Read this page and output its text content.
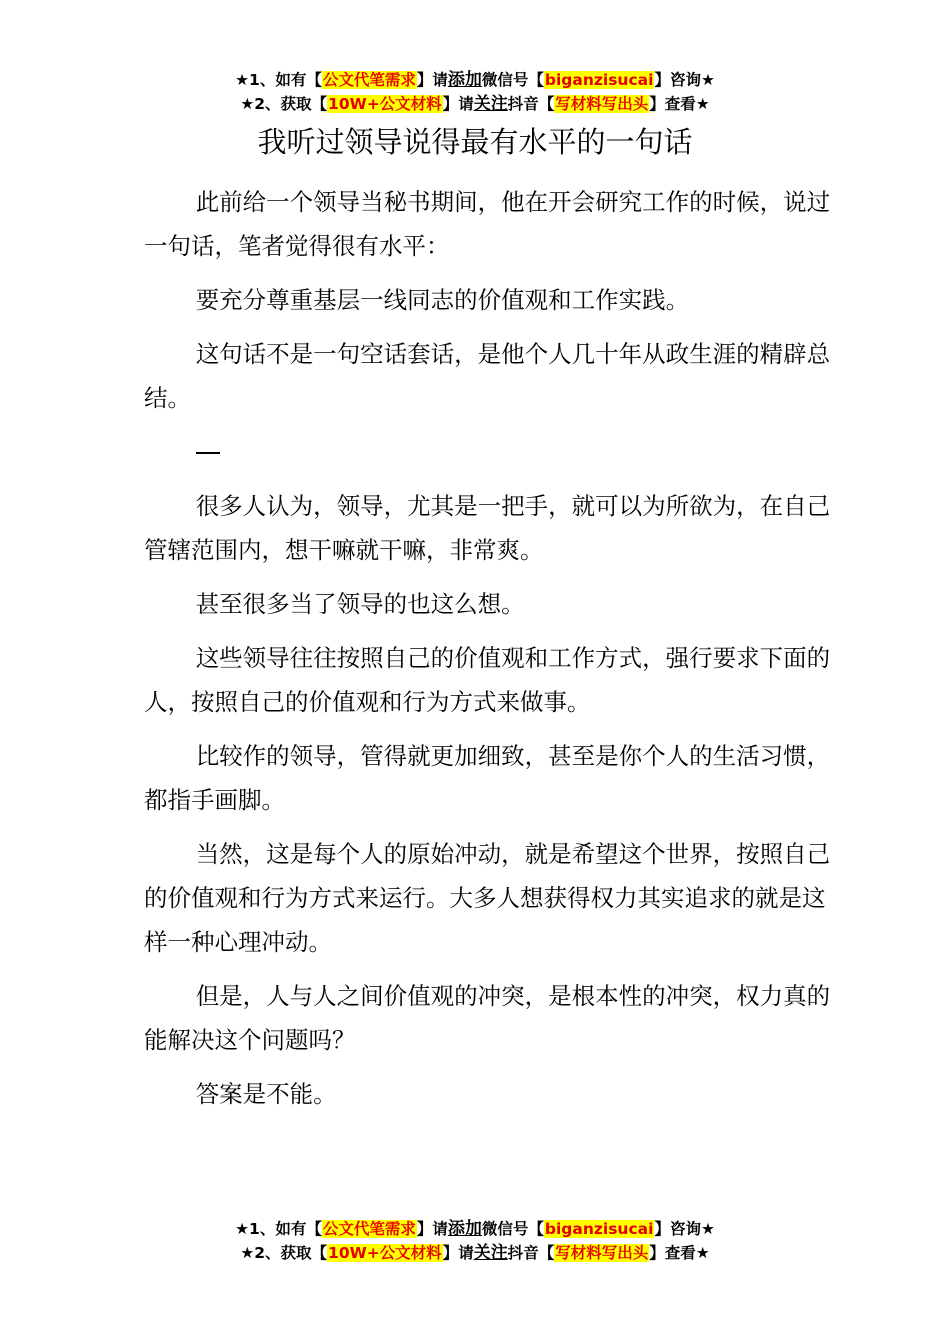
★1、如有【公文代笔需求】请添加微信号【biganzisucai】咨询★
★2、获取【10W+公文材料】请关注抖音【写材料写出头】查看★
我听过领导说得最有水平的一句话

此前给一个领导当秘书期间，他在开会研究工作的时候，说过一句话，笔者觉得很有水平：

要充分尊重基层一线同志的价值观和工作实践。

这句话不是一句空话套话，是他个人几十年从政生涯的精辟总结。

很多人认为，领导，尤其是一把手，就可以为所欲为，在自己管辖范围内，想干嘛就干嘛，非常爽。

甚至很多当了领导的也这么想。

这些领导往往按照自己的价值观和工作方式，强行要求下面的人，按照自己的价值观和行为方式来做事。

比较作的领导，管得就更加细致，甚至是你个人的生活习惯，都指手画脚。

当然，这是每个人的原始冲动，就是希望这个世界，按照自己的价值观和行为方式来运行。大多人想获得权力其实追求的就是这样一种心理冲动。

但是，人与人之间价值观的冲突，是根本性的冲突，权力真的能解决这个问题吗？

答案是不能。

★1、如有【公文代笔需求】请添加微信号【biganzisucai】咨询★
★2、获取【10W+公文材料】请关注抖音【写材料写出头】查看★
